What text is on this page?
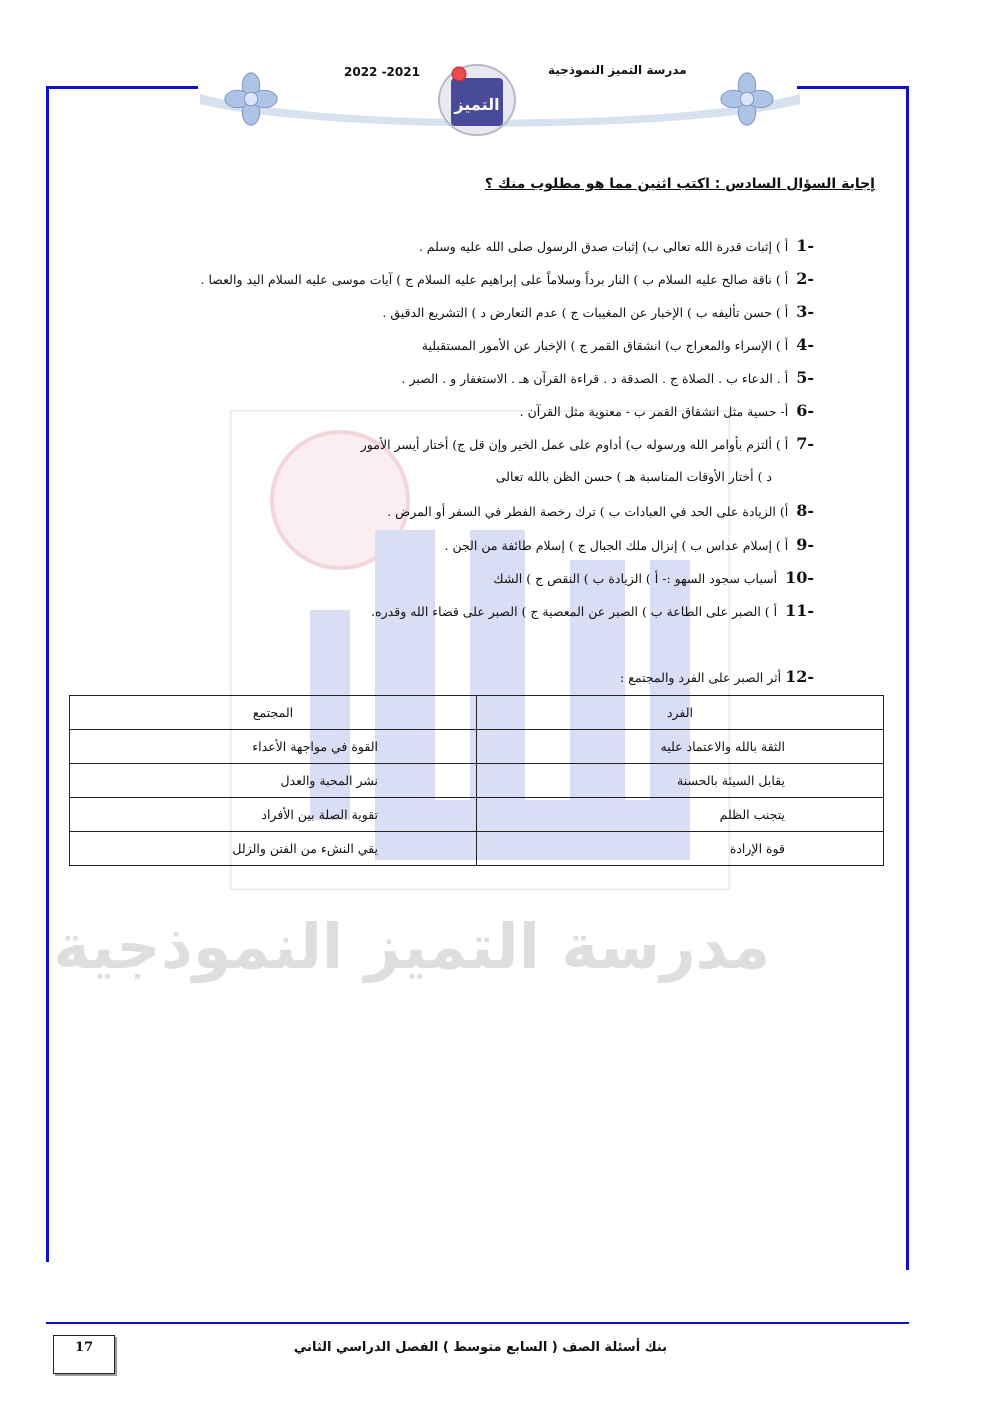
مدرسة التميز النموذجية
2022 -2021
التميز
مدرسة التميز النموذجية
إجابة السؤال السادس : اكتب اثنين مما هو مطلوب منك ؟
-1أ ) إثبات قدرة الله تعالى ب) إثبات صدق الرسول صلى الله عليه وسلم .
-2أ ) ناقة صالح عليه السلام ب ) النار برداً وسلاماً على إبراهيم عليه السلام ج ) آيات موسى عليه السلام اليد والعصا .
-3أ ) حسن تأليفه ب ) الإخبار عن المغيبات ج ) عدم التعارض د ) التشريع الدقيق .
-4أ ) الإسراء والمعراج ب) انشقاق القمر ج ) الإخبار عن الأمور المستقبلية
-5أ . الدعاء ب . الصلاة ج . الصدقة د . قراءة القرآن هـ . الاستغفار و . الصبر .
-6أ- حسية مثل انشقاق القمر ب - معنوية مثل القرآن .
-7أ ) ألتزم بأوامر الله ورسوله ب) أداوم على عمل الخير وإن قل ج) أختار أيسر الأمور
د ) أختار الأوقات المناسبة هـ ) حسن الظن بالله تعالى
-8أ) الزيادة على الحد في العبادات ب ) ترك رخصة الفطر في السفر أو المرض .
-9أ ) إسلام عداس ب ) إنزال ملك الجبال ج ) إسلام طائفة من الجن .
-10أسباب سجود السهو :- أ ) الزيادة ب ) النقص ج ) الشك
-11أ ) الصبر على الطاعة ب ) الصبر عن المعصية ج ) الصبر على قضاء الله وقدره.
-12أثر الصبر على الفرد والمجتمع :
الفرد	المجتمع
الثقة بالله والاعتماد عليه	القوة في مواجهة الأعداء
يقابل السيئة بالحسنة	نشر المحبة والعدل
يتجنب الظلم	تقوية الصلة بين الأفراد
قوة الإرادة	يقي النشء من الفتن والزلل
بنك أسئلة الصف ( السابع متوسط ) الفصل الدراسي الثاني
17
